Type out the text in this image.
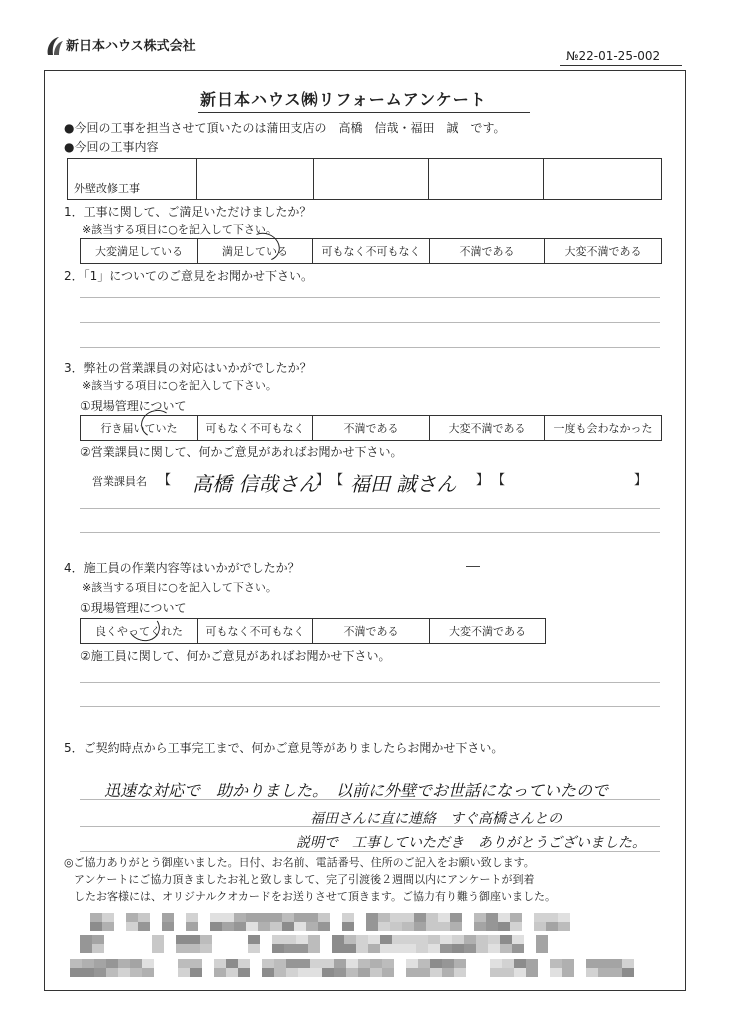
新日本ハウス株式会社
№22-01-25-002
新日本ハウス㈱リフォームアンケート
●今回の工事を担当させて頂いたのは蒲田支店の　高橋　信哉・福田　誠　です。
●今回の工事内容
外壁改修工事
1．工事に関して、ご満足いただけましたか？
※該当する項目に○を記入して下さい。
大変満足している	満足している	可もなく不可もなく	不満である	大変不満である
2．「1」についてのご意見をお聞かせ下さい。
3．弊社の営業課員の対応はいかがでしたか？
※該当する項目に○を記入して下さい。
①現場管理について
行き届いていた	可もなく不可もなく	不満である	大変不満である	一度も会わなかった
②営業課員に関して、何かご意見があればお聞かせ下さい。
営業課員名 【 高橋 信哉さん
】 【 福田 誠さん 】 【	】
4．施工員の作業内容等はいかがでしたか？
※該当する項目に○を記入して下さい。
①現場管理について
良くやってくれた	可もなく不可もなく	不満である	大変不満である
②施工員に関して、何かご意見があればお聞かせ下さい。
5．ご契約時点から工事完工まで、何かご意見等がありましたらお聞かせ下さい。
迅速な対応で　助かりました。　以前に外壁でお世話になっていたので
福田さんに直に連絡　すぐ高橋さんとの
説明で　工事していただき　ありがとうございました。
◎ご協力ありがとう御座いました。日付、お名前、電話番号、住所のご記入をお願い致します。
アンケートにご協力頂きましたお礼と致しまして、完了引渡後２週間以内にアンケートが到着
したお客様には、オリジナルクオカードをお送りさせて頂きます。ご協力有り難う御座いました。
